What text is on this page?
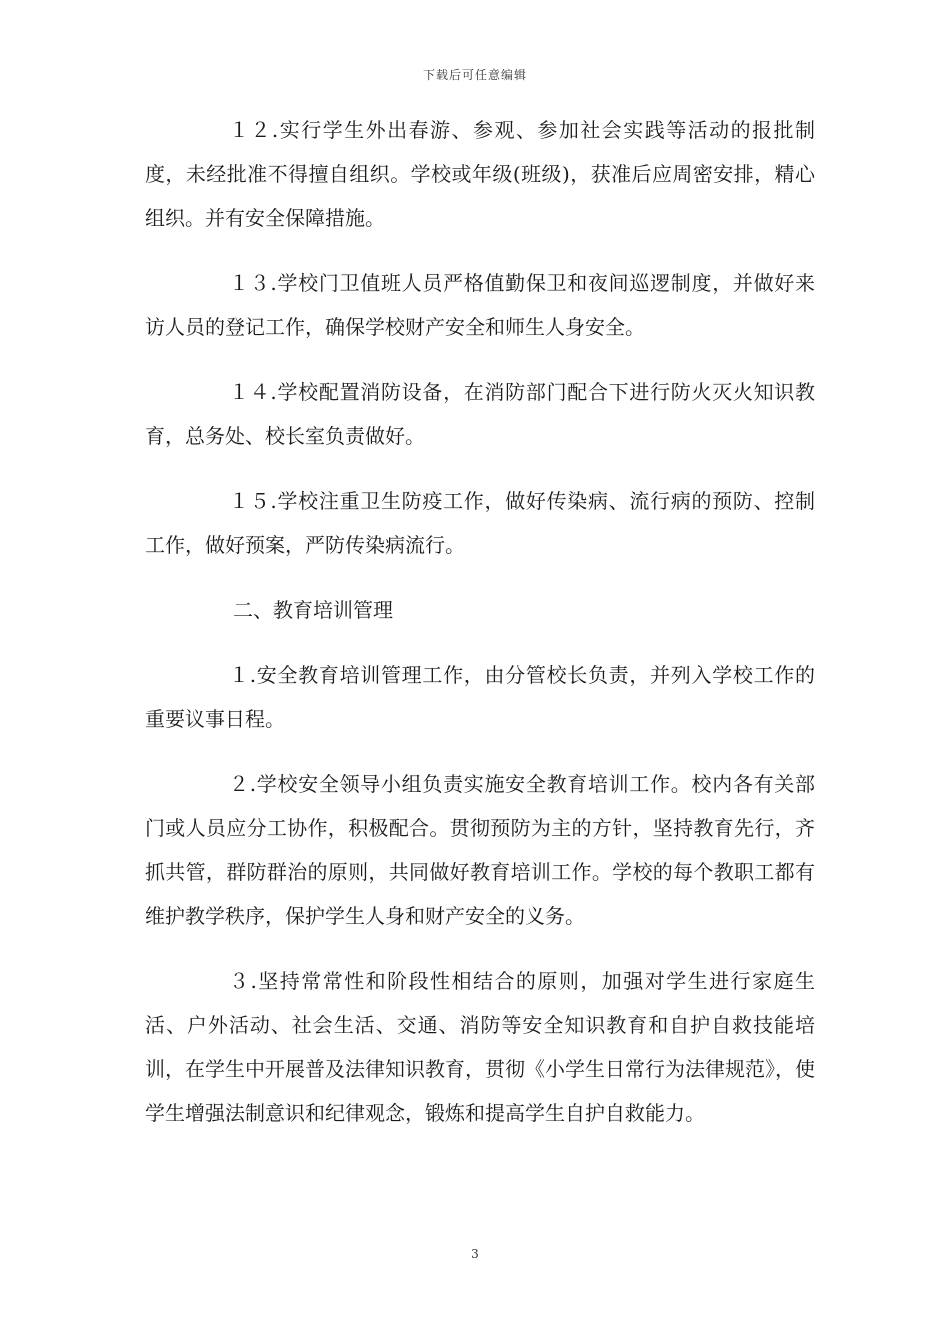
下载后可任意编辑

１２.实行学生外出春游、参观、参加社会实践等活动的报批制度，未经批准不得擅自组织。学校或年级(班级)，获准后应周密安排，精心组织。并有安全保障措施。

１３.学校门卫值班人员严格值勤保卫和夜间巡逻制度，并做好来访人员的登记工作，确保学校财产安全和师生人身安全。

１４.学校配置消防设备，在消防部门配合下进行防火灭火知识教育，总务处、校长室负责做好。

１５.学校注重卫生防疫工作，做好传染病、流行病的预防、控制工作，做好预案，严防传染病流行。

二、教育培训管理

１.安全教育培训管理工作，由分管校长负责，并列入学校工作的重要议事日程。

２.学校安全领导小组负责实施安全教育培训工作。校内各有关部门或人员应分工协作，积极配合。贯彻预防为主的方针，坚持教育先行，齐抓共管，群防群治的原则，共同做好教育培训工作。学校的每个教职工都有维护教学秩序，保护学生人身和财产安全的义务。

３.坚持常常性和阶段性相结合的原则，加强对学生进行家庭生活、户外活动、社会生活、交通、消防等安全知识教育和自护自救技能培训，在学生中开展普及法律知识教育，贯彻《小学生日常行为法律规范》，使学生增强法制意识和纪律观念，锻炼和提高学生自护自救能力。

3
